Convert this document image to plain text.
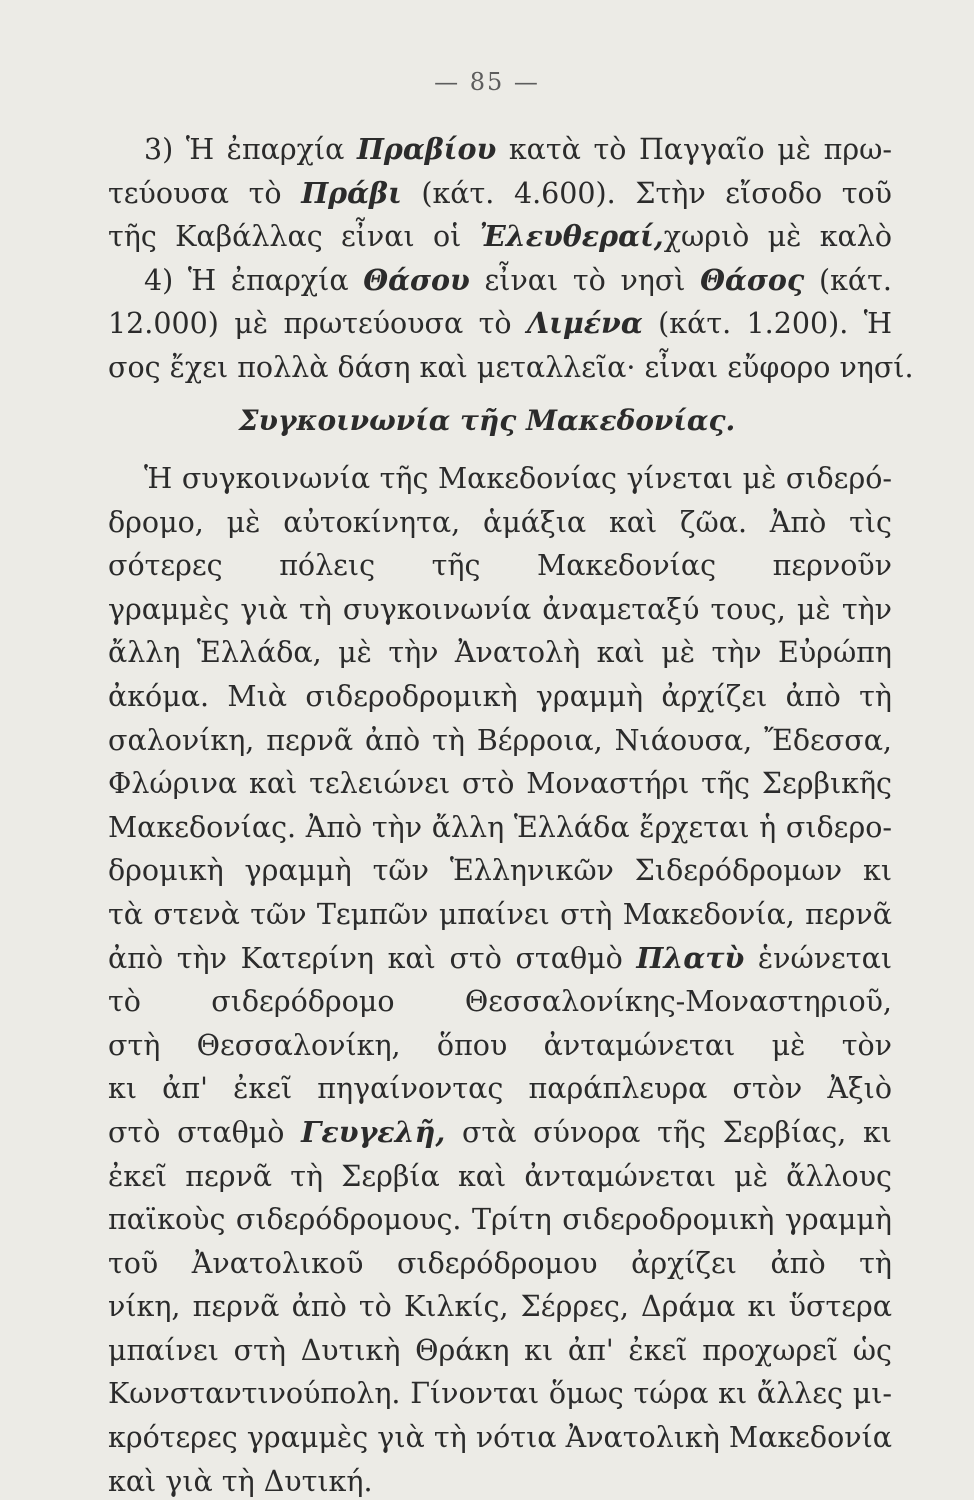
— 85 —
3) Ἡ ἐπαρχία Πραβίου κατὰ τὸ Παγγαῖο μὲ πρω-
τεύουσα τὸ Πράβι (κάτ. 4.600). Στὴν εἴσοδο τοῦ
τῆς Καβάλλας εἶναι οἱ Ἐλευθεραί,χωριὸ μὲ καλὸ
4) Ἡ ἐπαρχία Θάσου εἶναι τὸ νησὶ Θάσος (κάτ.
12.000) μὲ πρωτεύουσα τὸ Λιμένα (κάτ. 1.200). Ἡ
σος ἔχει πολλὰ δάση καὶ μεταλλεῖα· εἶναι εὔφορο νησί.
Συγκοινωνία τῆς Μακεδονίας.
Ἡ συγκοινωνία τῆς Μακεδονίας γίνεται μὲ σιδερό-
δρομο, μὲ αὐτοκίνητα, ἁμάξια καὶ ζῶα. Ἀπὸ τὶς
σότερες πόλεις τῆς Μακεδονίας περνοῦν
γραμμὲς γιὰ τὴ συγκοινωνία ἀναμεταξύ τους, μὲ τὴν
ἄλλη Ἑλλάδα, μὲ τὴν Ἀνατολὴ καὶ μὲ τὴν Εὐρώπη
ἀκόμα. Μιὰ σιδεροδρομικὴ γραμμὴ ἀρχίζει ἀπὸ τὴ
σαλονίκη, περνᾶ ἀπὸ τὴ Βέρροια, Νιάουσα, Ἔδεσσα,
Φλώρινα καὶ τελειώνει στὸ Μοναστήρι τῆς Σερβικῆς
Μακεδονίας. Ἀπὸ τὴν ἄλλη Ἑλλάδα ἔρχεται ἡ σιδερο-
δρομικὴ γραμμὴ τῶν Ἑλληνικῶν Σιδερόδρομων κι
τὰ στενὰ τῶν Τεμπῶν μπαίνει στὴ Μακεδονία, περνᾶ
ἀπὸ τὴν Κατερίνη καὶ στὸ σταθμὸ Πλατὺ ἑνώνεται
τὸ σιδερόδρομο Θεσσαλονίκης-Μοναστηριοῦ,
στὴ Θεσσαλονίκη, ὅπου ἀνταμώνεται μὲ τὸν
κι ἀπ' ἐκεῖ πηγαίνοντας παράπλευρα στὸν Ἀξιὸ
στὸ σταθμὸ Γευγελῆ, στὰ σύνορα τῆς Σερβίας, κι
ἐκεῖ περνᾶ τὴ Σερβία καὶ ἀνταμώνεται μὲ ἄλλους
παϊκοὺς σιδερόδρομους. Τρίτη σιδεροδρομικὴ γραμμὴ
τοῦ Ἀνατολικοῦ σιδερόδρομου ἀρχίζει ἀπὸ τὴ
νίκη, περνᾶ ἀπὸ τὸ Κιλκίς, Σέρρες, Δράμα κι ὕστερα
μπαίνει στὴ Δυτικὴ Θράκη κι ἀπ' ἐκεῖ προχωρεῖ ὡς
Κωνσταντινούπολη. Γίνονται ὅμως τώρα κι ἄλλες μι-
κρότερες γραμμὲς γιὰ τὴ νότια Ἀνατολικὴ Μακεδονία
καὶ γιὰ τὴ Δυτική.
